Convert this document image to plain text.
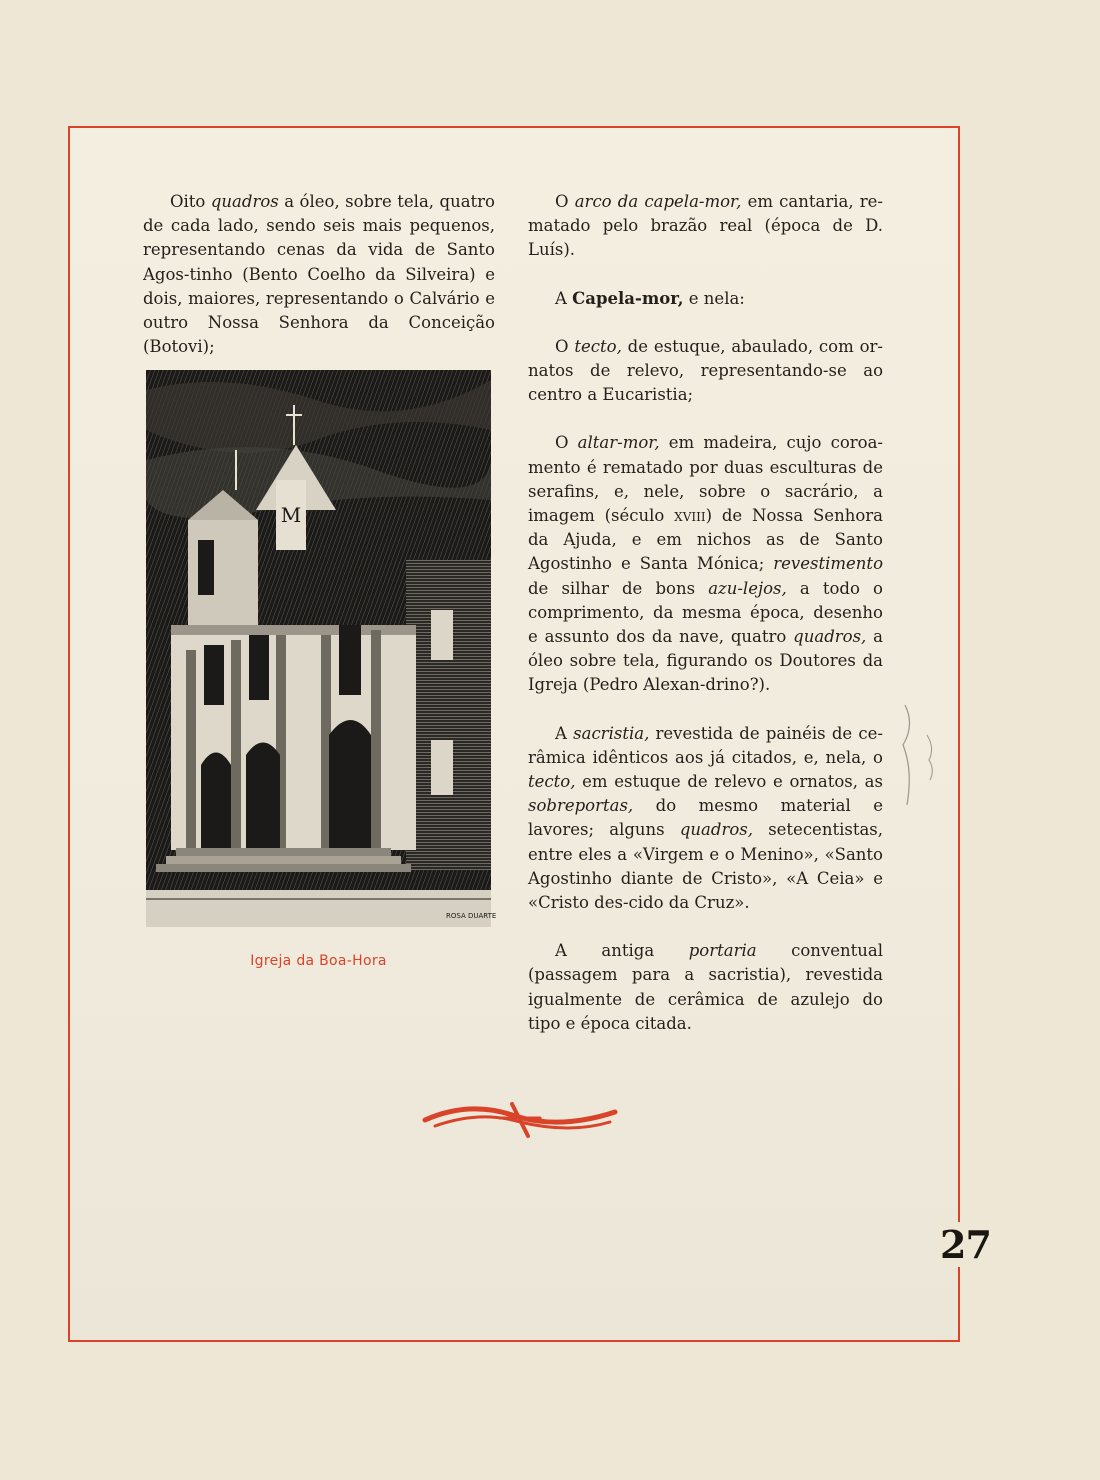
Oito quadros a óleo, sobre tela, quatro de cada lado, sendo seis mais pequenos, representando cenas da vida de Santo Agos-tinho (Bento Coelho da Silveira) e dois, maiores, representando o Calvário e outro Nossa Senhora da Conceição (Botovi);

M
ROSA DUARTE
Igreja da Boa-Hora

O arco da capela-mor, em cantaria, re-matado pelo brazão real (época de D. Luís).

A Capela-mor, e nela:

O tecto, de estuque, abaulado, com or-natos de relevo, representando-se ao centro a Eucaristia;

O altar-mor, em madeira, cujo coroa-mento é rematado por duas esculturas de serafins, e, nele, sobre o sacrário, a imagem (século xviii) de Nossa Senhora da Ajuda, e em nichos as de Santo Agostinho e Santa Mónica; revestimento de silhar de bons azu-lejos, a todo o comprimento, da mesma época, desenho e assunto dos da nave, quatro quadros, a óleo sobre tela, figurando os Doutores da Igreja (Pedro Alexan-drino?).

A sacristia, revestida de painéis de ce-râmica idênticos aos já citados, e, nela, o tecto, em estuque de relevo e ornatos, as sobreportas, do mesmo material e lavores; alguns quadros, setecentistas, entre eles a «Virgem e o Menino», «Santo Agostinho diante de Cristo», «A Ceia» e «Cristo des-cido da Cruz».

A antiga portaria conventual (passagem para a sacristia), revestida igualmente de cerâmica de azulejo do tipo e época citada.

27
